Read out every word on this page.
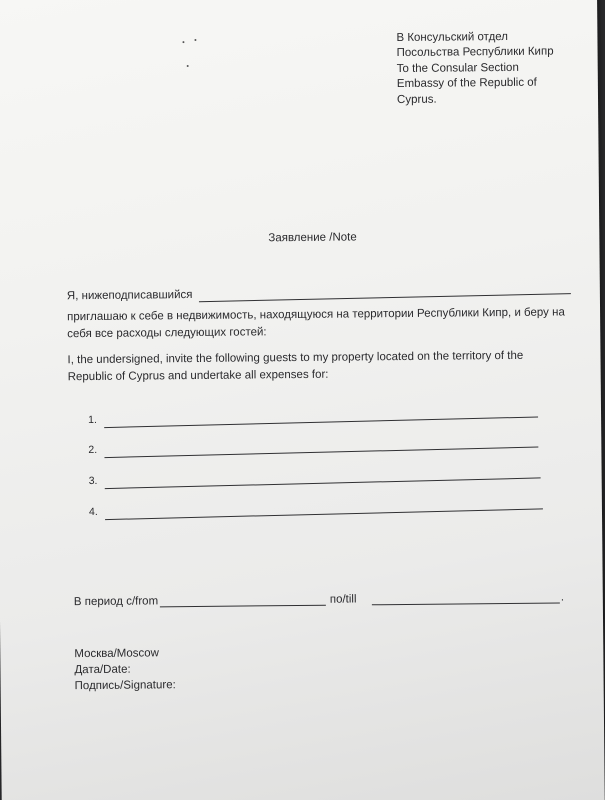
В Консульский отдел
Посольства Республики Кипр
To the Consular Section
Embassy of the Republic of
Cyprus.
Заявление /Note
Я, нижеподписавшийся
приглашаю к себе в недвижимость, находящуюся на территории Республики Кипр, и беру на
себя все расходы следующих гостей:
I, the undersigned, invite the following guests to my property located on the territory of the
Republic of Cyprus and undertake all expenses for:
1.
2.
3.
4.
В период с/from	по/till	.
Москва/Moscow
Дата/Date:
Подпись/Signature:
